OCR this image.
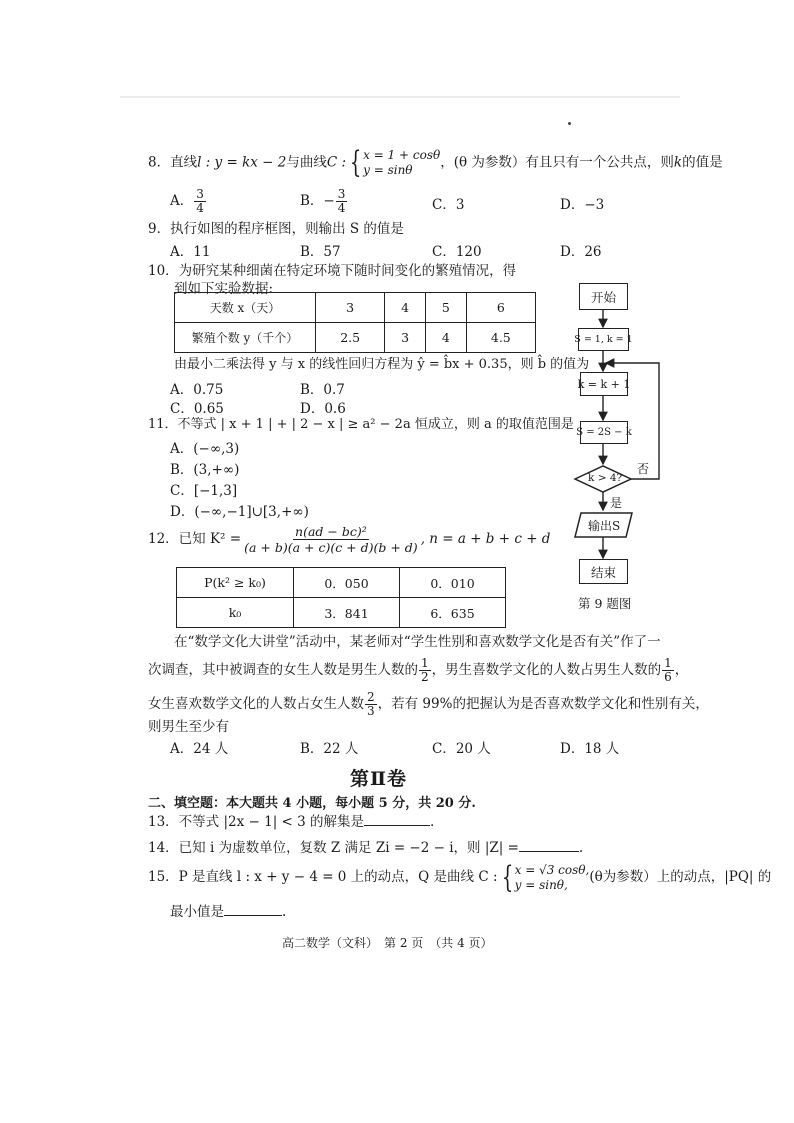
8．直线l : y = kx − 2与曲线C : { x = 1 + cosθ
y = sinθ	，(θ 为参数）有且只有一个公共点，则k的值是
A． $\frac{3}{4}$	B．− $\frac{3}{4}$	C．3	D．−3
9．执行如图的程序框图，则输出 S 的值是
A．11	B．57	C．120	D．26
10．为研究某种细菌在特定环境下随时间变化的繁殖情况，得
到如下实验数据:
天数 x（天）	3	4	5	6
繁殖个数 y（千个）	2.5	3	4	4.5
由最小二乘法得 y 与 x 的线性回归方程为 ŷ = b̂x + 0.35，则 b̂ 的值为
A．0.75	B．0.7
C．0.65	D．0.6
11．不等式 | x + 1 | + | 2 − x | ≥ a² − 2a 恒成立，则 a 的取值范围是
A．(−∞,3)
B．(3,+∞)
C．[−1,3]
D．(−∞,−1]∪[3,+∞)
12．已知 $K^2 = \frac{\text{n(ad − bc)²}}{(a + b)(a + c)(c + d)(b + d)}$ , n = a + b + c + d
P(k² ≥ k₀)	0．050	0．010
k₀	3．841	6．635
在“数学文化大讲堂”活动中，某老师对“学生性别和喜欢数学文化是否有关”作了一
次调查，其中被调查的女生人数是男生人数的 $\frac{1}{2}$ ，男生喜数学文化的人数占男生人数的 $\frac{1}{6}$ ，
女生喜欢数学文化的人数占女生人数 $\frac{2}{3}$ ，若有 99%的把握认为是否喜欢数学文化和性别有关，
则男生至少有
A．24 人	B．22 人	C．20 人	D．18 人
开始
S = 1, k = 1
k = k + 1
S = 2S − k
k > 4?
否
是
输出S
结束
第 9 题图
第Ⅱ卷
二、填空题：本大题共 4 小题，每小题 5 分，共 20 分.
13．不等式 |2x − 1| < 3 的解集是	.
14．已知 i 为虚数单位，复数 Z 满足 Zi = −2 − i，则 |Z| =	.
15．P 是直线 l : x + y − 4 = 0 上的动点，Q 是曲线 C : { x = √3 cosθ,
y = sinθ,	(θ为参数）上的动点，|PQ| 的
最小值是	.
高二数学（文科）　第 2 页　（共 4 页）
